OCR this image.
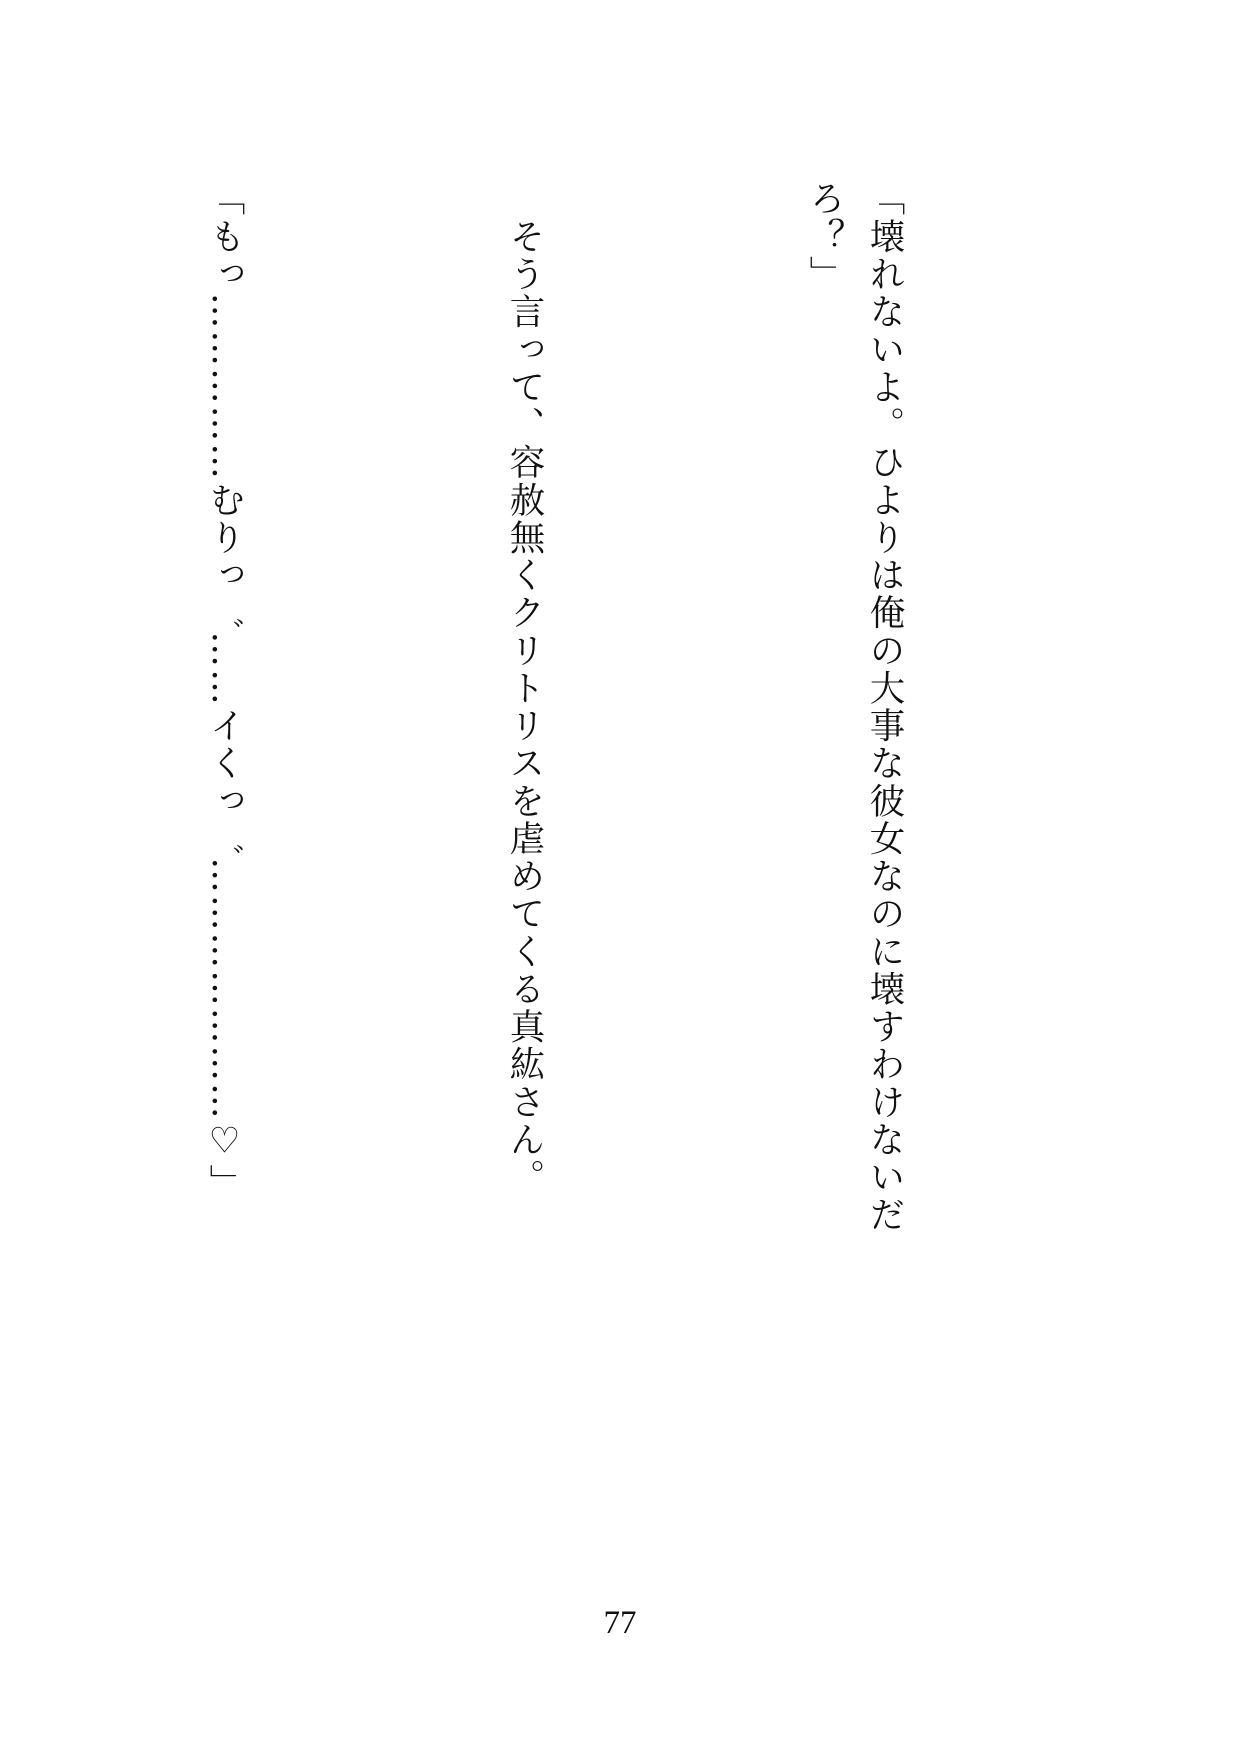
「壊れないよ。ひよりは俺の大事な彼女なのに壊すわけないだろ？」

　そう言って、容赦無くクリトリスを虐めてくる真紘さん。

「もっ……………むりっ゛……イくっ゛…………………♡」

77
